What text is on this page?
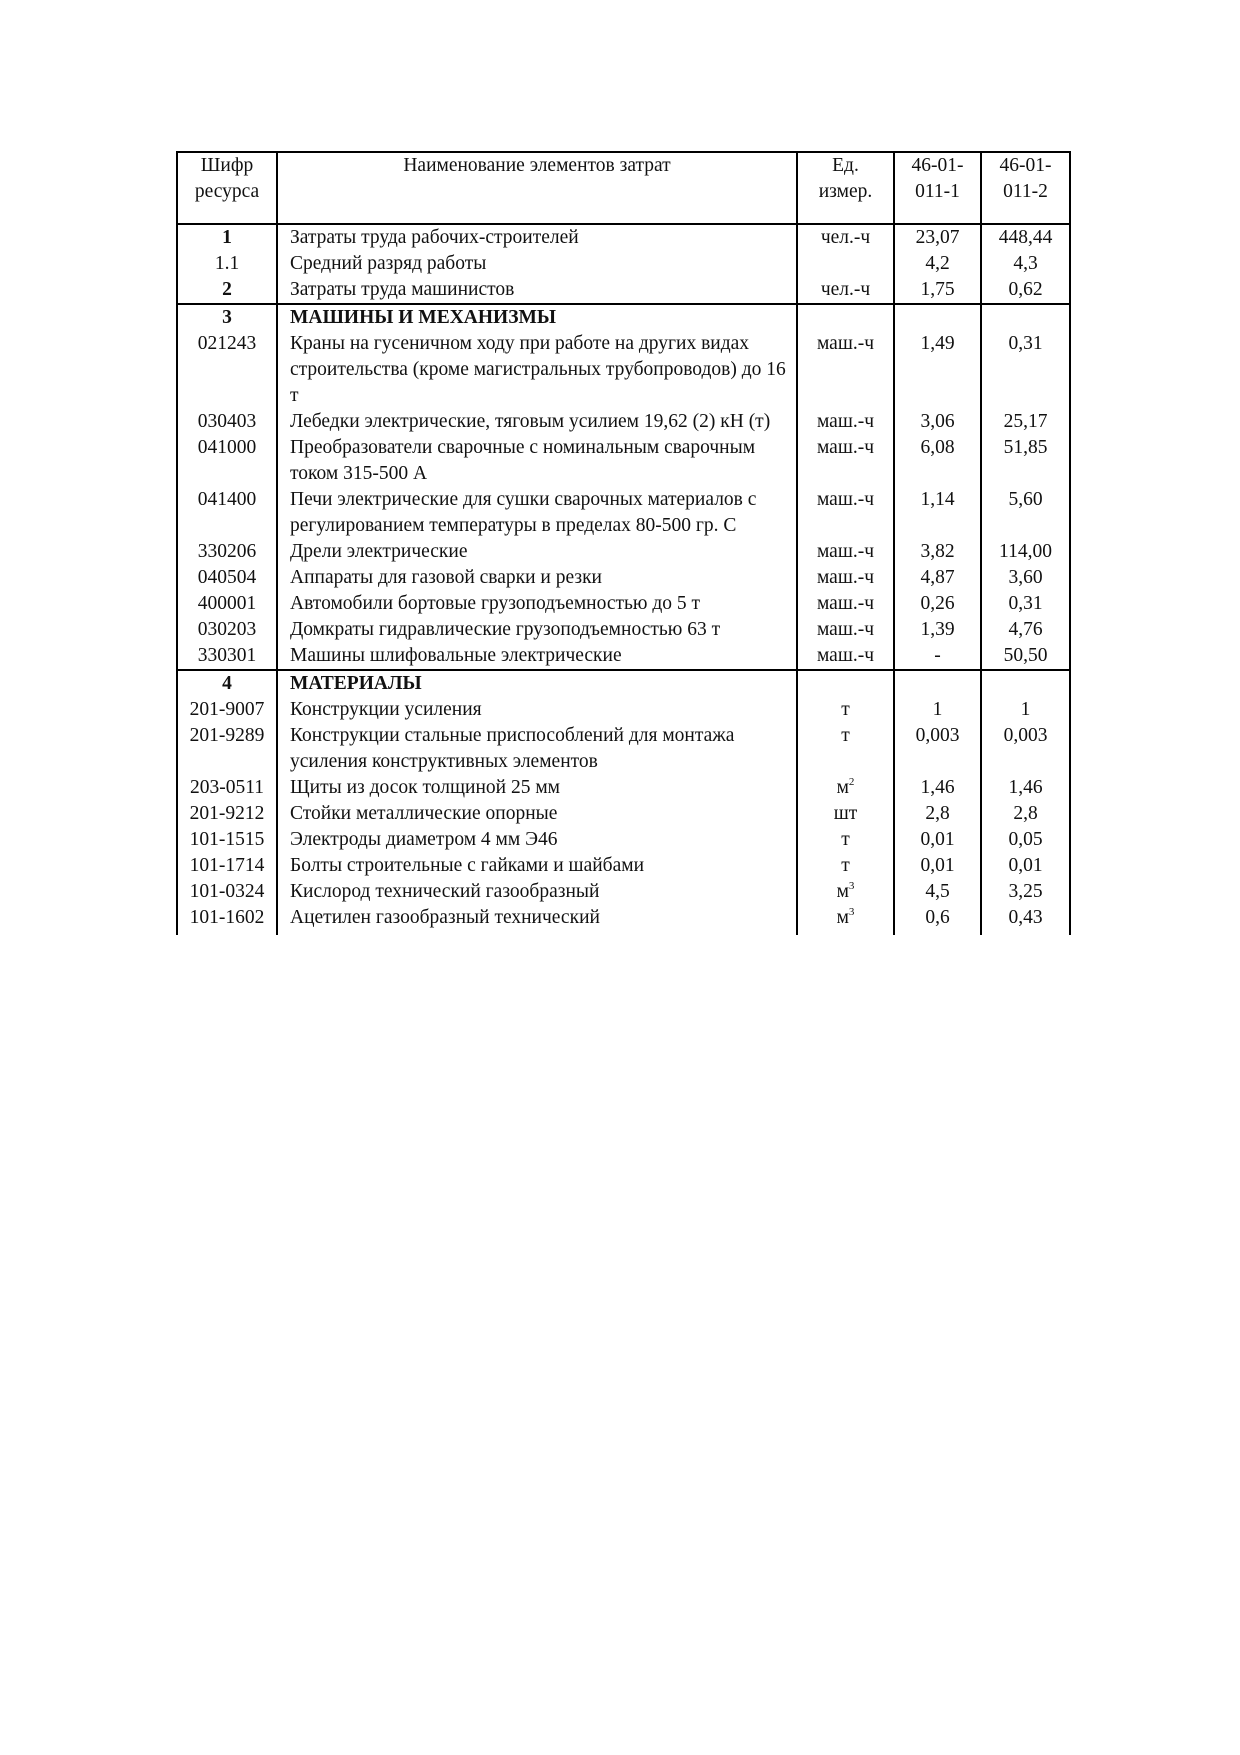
Шифр ресурса	Наименование элементов затрат	Ед. измер.	46-01-011-1	46-01-011-2
1	Затраты труда рабочих-строителей	чел.-ч	23,07	448,44
1.1	Средний разряд работы		4,2	4,3
2	Затраты труда машинистов	чел.-ч	1,75	0,62
3	МАШИНЫ И МЕХАНИЗМЫ			
021243	Краны на гусеничном ходу при работе на других видах строительства (кроме магистральных трубопроводов) до 16 т	маш.-ч	1,49	0,31
030403	Лебедки электрические, тяговым усилием 19,62 (2) кН (т)	маш.-ч	3,06	25,17
041000	Преобразователи сварочные с номинальным сварочным током 315-500 А	маш.-ч	6,08	51,85
041400	Печи электрические для сушки сварочных материалов с регулированием температуры в пределах 80-500 гр. С	маш.-ч	1,14	5,60
330206	Дрели электрические	маш.-ч	3,82	114,00
040504	Аппараты для газовой сварки и резки	маш.-ч	4,87	3,60
400001	Автомобили бортовые грузоподъемностью до 5 т	маш.-ч	0,26	0,31
030203	Домкраты гидравлические грузоподъемностью 63 т	маш.-ч	1,39	4,76
330301	Машины шлифовальные электрические	маш.-ч	-	50,50
4	МАТЕРИАЛЫ			
201-9007	Конструкции усиления	т	1	1
201-9289	Конструкции стальные приспособлений для монтажа усиления конструктивных элементов	т	0,003	0,003
203-0511	Щиты из досок толщиной 25 мм	$м^2$	1,46	1,46
201-9212	Стойки металлические опорные	шт	2,8	2,8
101-1515	Электроды диаметром 4 мм Э46	т	0,01	0,05
101-1714	Болты строительные с гайками и шайбами	т	0,01	0,01
101-0324	Кислород технический газообразный	$м^3$	4,5	3,25
101-1602	Ацетилен газообразный технический	$м^3$	0,6	0,43
